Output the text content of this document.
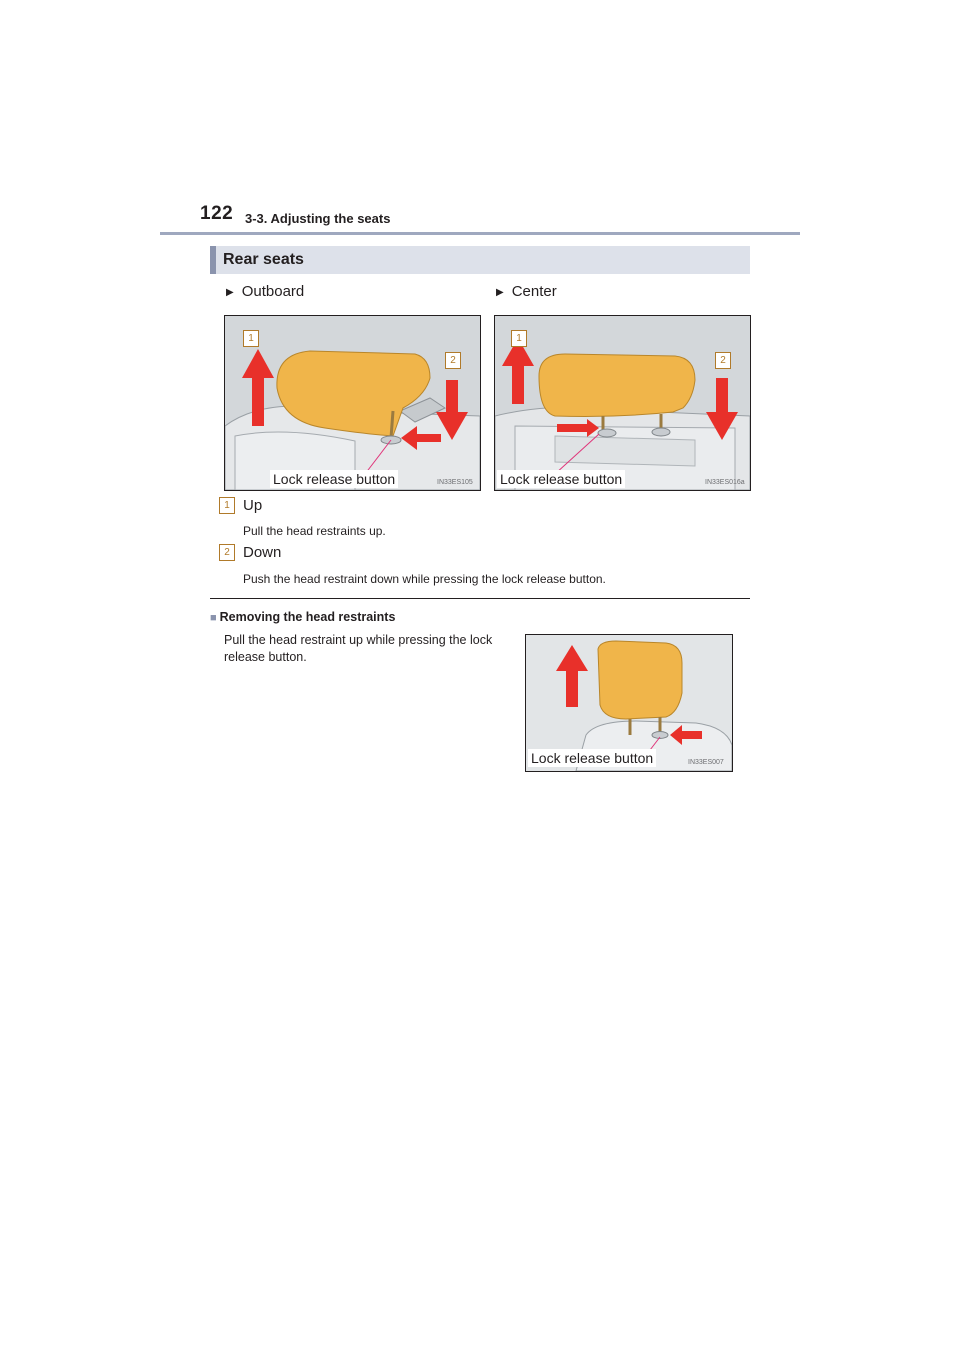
122 3-3. Adjusting the seats
Rear seats
▶ Outboard	▶ Center
1
2
Lock release button	IN33ES105
1
2
Lock release button	IN33ES016a
1 Up
Pull the head restraints up.
2 Down
Push the head restraint down while pressing the lock release button.
■ Removing the head restraints
Pull the head restraint up while pressing the lock release button.
Lock release button	IN33ES007
